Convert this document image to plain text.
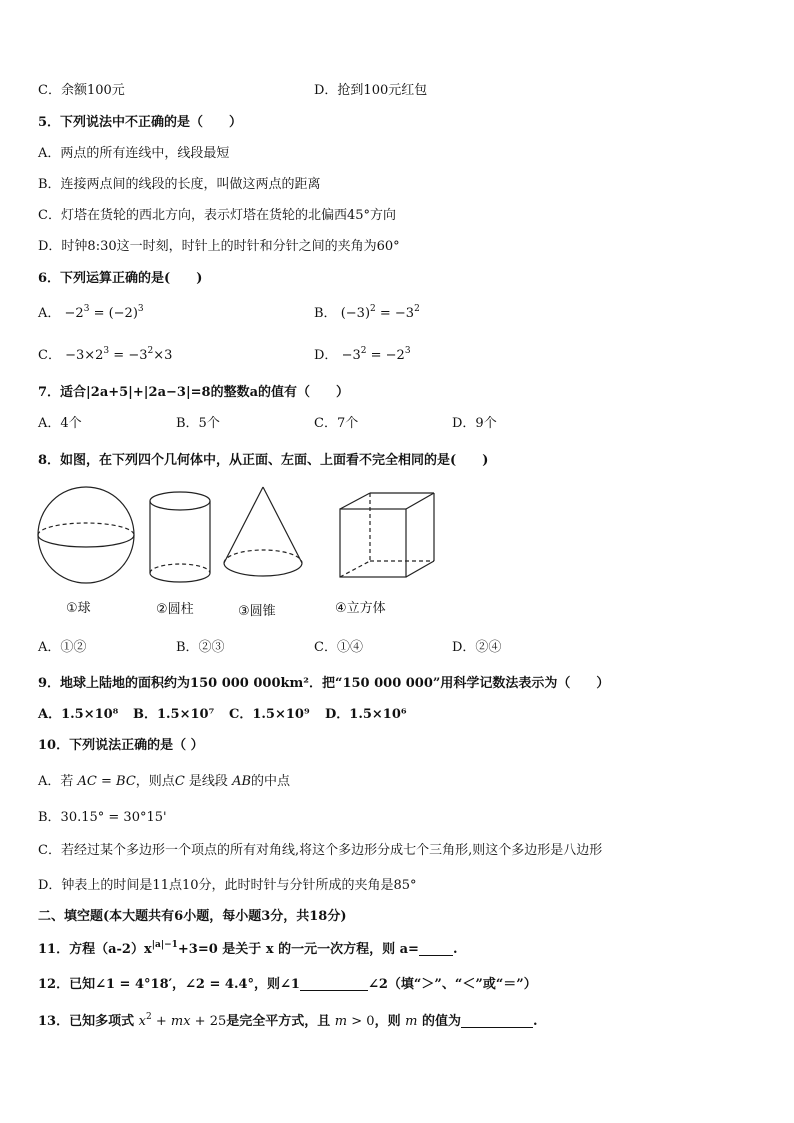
C．余额100元	D．抢到100元红包
5．下列说法中不正确的是（　　）
A．两点的所有连线中，线段最短
B．连接两点间的线段的长度，叫做这两点的距离
C．灯塔在货轮的西北方向，表示灯塔在货轮的北偏西45°方向
D．时钟8:30这一时刻，时针上的时针和分针之间的夹角为60°
6．下列运算正确的是(　　)
A． $-2^3 = (-2)^3$	B． $(-3)^2 = -3^2$
C． $-3\times 2^3 = -3^2\times 3$	D． $-3^2 = -2^3$
7．适合|2a+5|+|2a−3|=8的整数a的值有（　　）
A．4个	B．5个	C．7个	D．9个
8．如图，在下列四个几何体中，从正面、左面、上面看不完全相同的是(　　)
①球	②圆柱	③圆锥	④立方体
A．①②	B．②③	C．①④	D．②④
9．地球上陆地的面积约为150 000 000km²．把“150 000 000”用科学记数法表示为（　　）
A．1.5×10⁸ B．1.5×10⁷ C．1.5×10⁹ D．1.5×10⁶
10．下列说法正确的是（ ）
A．若 AC = BC，则点C 是线段 AB的中点
B．30.15° = 30°15'
C．若经过某个多边形一个项点的所有对角线,将这个多边形分成七个三角形,则这个多边形是八边形
D．钟表上的时间是11点10分，此时时针与分针所成的夹角是85°
二、填空题(本大题共有6小题，每小题3分，共18分)
11．方程$(a-2)x^{|a|-1}+3=0$ 是关于 x 的一元一次方程，则 a=	.
12．已知∠1 = 4°18′，∠2 = 4.4°，则∠1	∠2（填“＞”、“＜”或“＝”）
13．已知多项式 $x^2$ + mx + 25是完全平方式，且 m > 0，则 m 的值为	.
